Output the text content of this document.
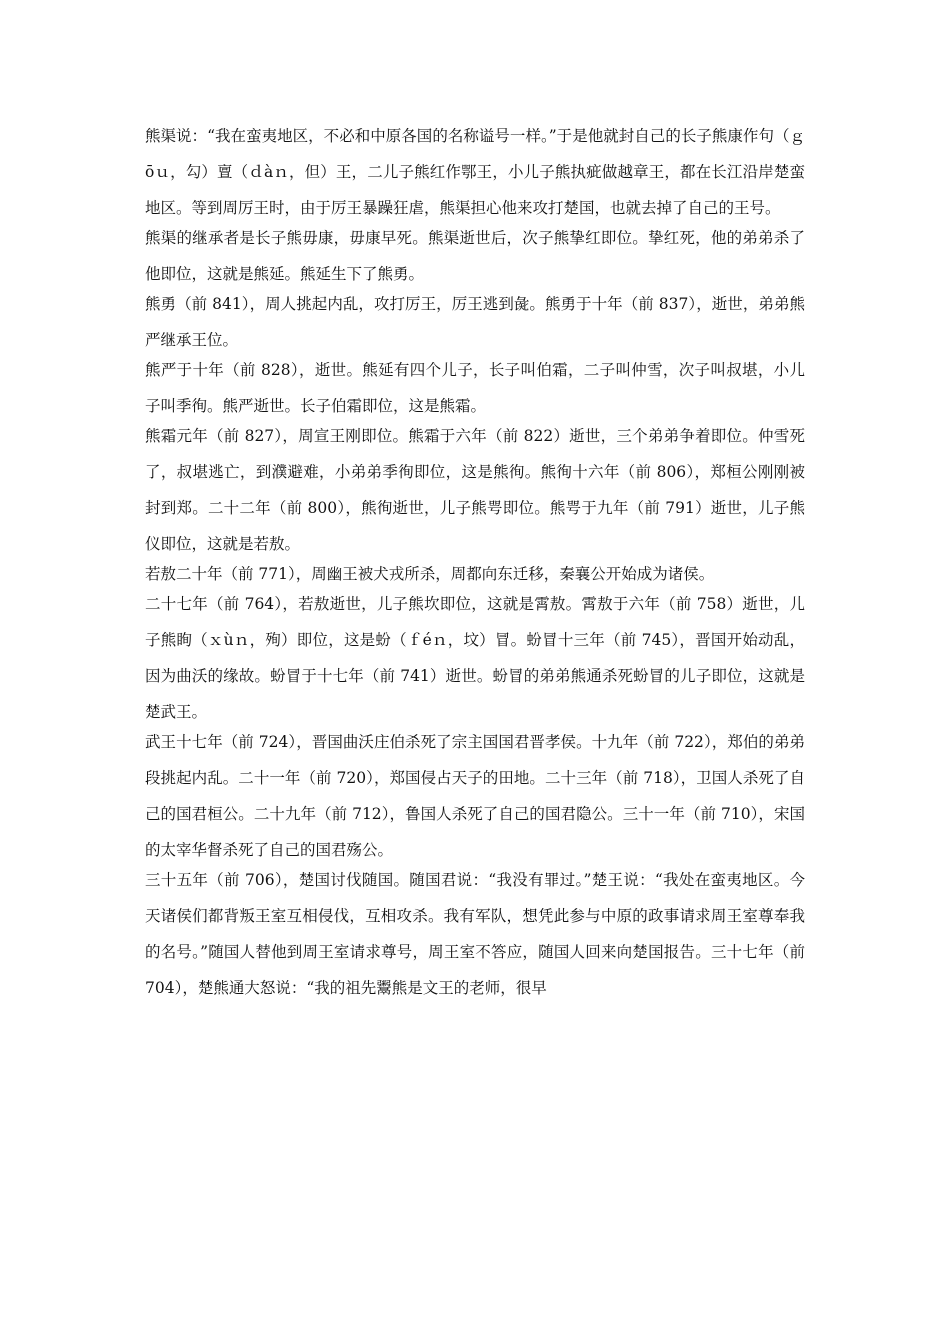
熊渠说：“我在蛮夷地区，不必和中原各国的名称谥号一样。”于是他就封自己的长子熊康作句（ｇōｕ，勾）亶（ｄàｎ，但）王，二儿子熊红作鄂王，小儿子熊执疵做越章王，都在长江沿岸楚蛮地区。等到周厉王时，由于厉王暴躁狂虐，熊渠担心他来攻打楚国，也就去掉了自己的王号。

熊渠的继承者是长子熊毋康，毋康早死。熊渠逝世后，次子熊挚红即位。挚红死，他的弟弟杀了他即位，这就是熊延。熊延生下了熊勇。

熊勇（前 841），周人挑起内乱，攻打厉王，厉王逃到彘。熊勇于十年（前 837），逝世，弟弟熊严继承王位。

熊严于十年（前 828），逝世。熊延有四个儿子，长子叫伯霜，二子叫仲雪，次子叫叔堪，小儿子叫季徇。熊严逝世。长子伯霜即位，这是熊霜。

熊霜元年（前 827），周宣王刚即位。熊霜于六年（前 822）逝世，三个弟弟争着即位。仲雪死了，叔堪逃亡，到濮避难，小弟弟季徇即位，这是熊徇。熊徇十六年（前 806），郑桓公刚刚被封到郑。二十二年（前 800），熊徇逝世，儿子熊咢即位。熊咢于九年（前 791）逝世，儿子熊仪即位，这就是若敖。

若敖二十年（前 771），周幽王被犬戎所杀，周都向东迁移，秦襄公开始成为诸侯。

二十七年（前 764），若敖逝世，儿子熊坎即位，这就是霄敖。霄敖于六年（前 758）逝世，儿子熊眴（ｘùｎ，殉）即位，这是蚡（ｆéｎ，坟）冒。蚡冒十三年（前 745），晋国开始动乱，因为曲沃的缘故。蚡冒于十七年（前 741）逝世。蚡冒的弟弟熊通杀死蚡冒的儿子即位，这就是楚武王。

武王十七年（前 724），晋国曲沃庄伯杀死了宗主国国君晋孝侯。十九年（前 722），郑伯的弟弟段挑起内乱。二十一年（前 720），郑国侵占天子的田地。二十三年（前 718），卫国人杀死了自己的国君桓公。二十九年（前 712），鲁国人杀死了自己的国君隐公。三十一年（前 710），宋国的太宰华督杀死了自己的国君殇公。

三十五年（前 706），楚国讨伐随国。随国君说：“我没有罪过。”楚王说：“我处在蛮夷地区。今天诸侯们都背叛王室互相侵伐，互相攻杀。我有军队，想凭此参与中原的政事请求周王室尊奉我的名号。”随国人替他到周王室请求尊号，周王室不答应，随国人回来向楚国报告。三十七年（前 704），楚熊通大怒说：“我的祖先鬻熊是文王的老师，很早
